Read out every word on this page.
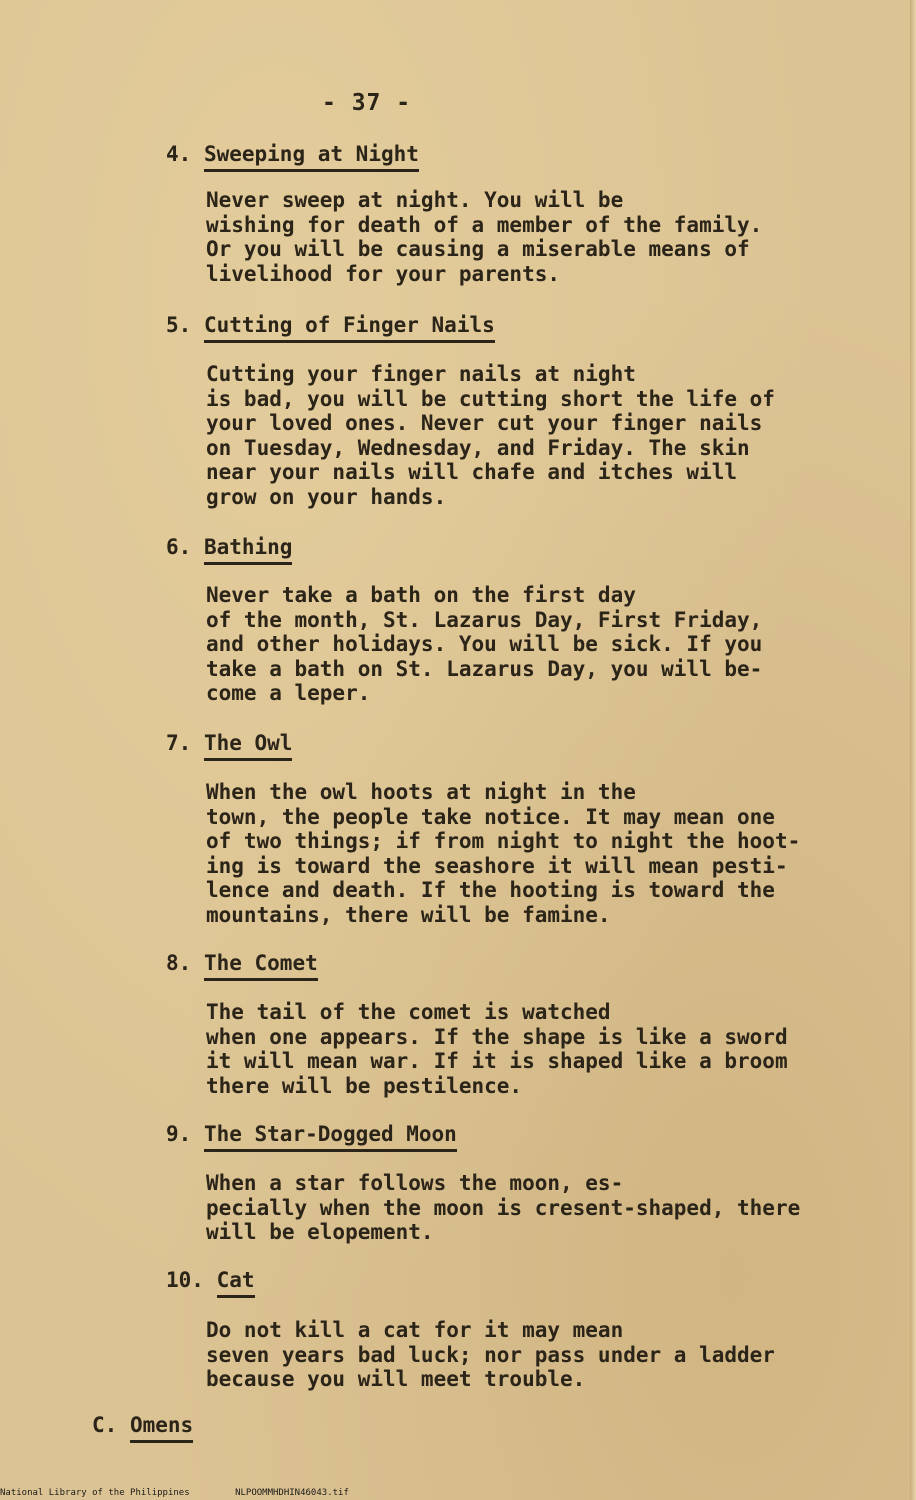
- 37 -
4. Sweeping at Night
Never sweep at night. You will be
wishing for death of a member of the family.
Or you will be causing a miserable means of
livelihood for your parents.
5. Cutting of Finger Nails
Cutting your finger nails at night
is bad, you will be cutting short the life of
your loved ones. Never cut your finger nails
on Tuesday, Wednesday, and Friday. The skin
near your nails will chafe and itches will
grow on your hands.
6. Bathing
Never take a bath on the first day
of the month, St. Lazarus Day, First Friday,
and other holidays. You will be sick. If you
take a bath on St. Lazarus Day, you will be-
come a leper.
7. The Owl
When the owl hoots at night in the
town, the people take notice. It may mean one
of two things; if from night to night the hoot-
ing is toward the seashore it will mean pesti-
lence and death. If the hooting is toward the
mountains, there will be famine.
8. The Comet
The tail of the comet is watched
when one appears. If the shape is like a sword
it will mean war. If it is shaped like a broom
there will be pestilence.
9. The Star-Dogged Moon
When a star follows the moon, es-
pecially when the moon is cresent-shaped, there
will be elopement.
10. Cat
Do not kill a cat for it may mean
seven years bad luck; nor pass under a ladder
because you will meet trouble.
C. Omens
National Library of the Philippines	NLPOOMMHDHIN46043.tif
